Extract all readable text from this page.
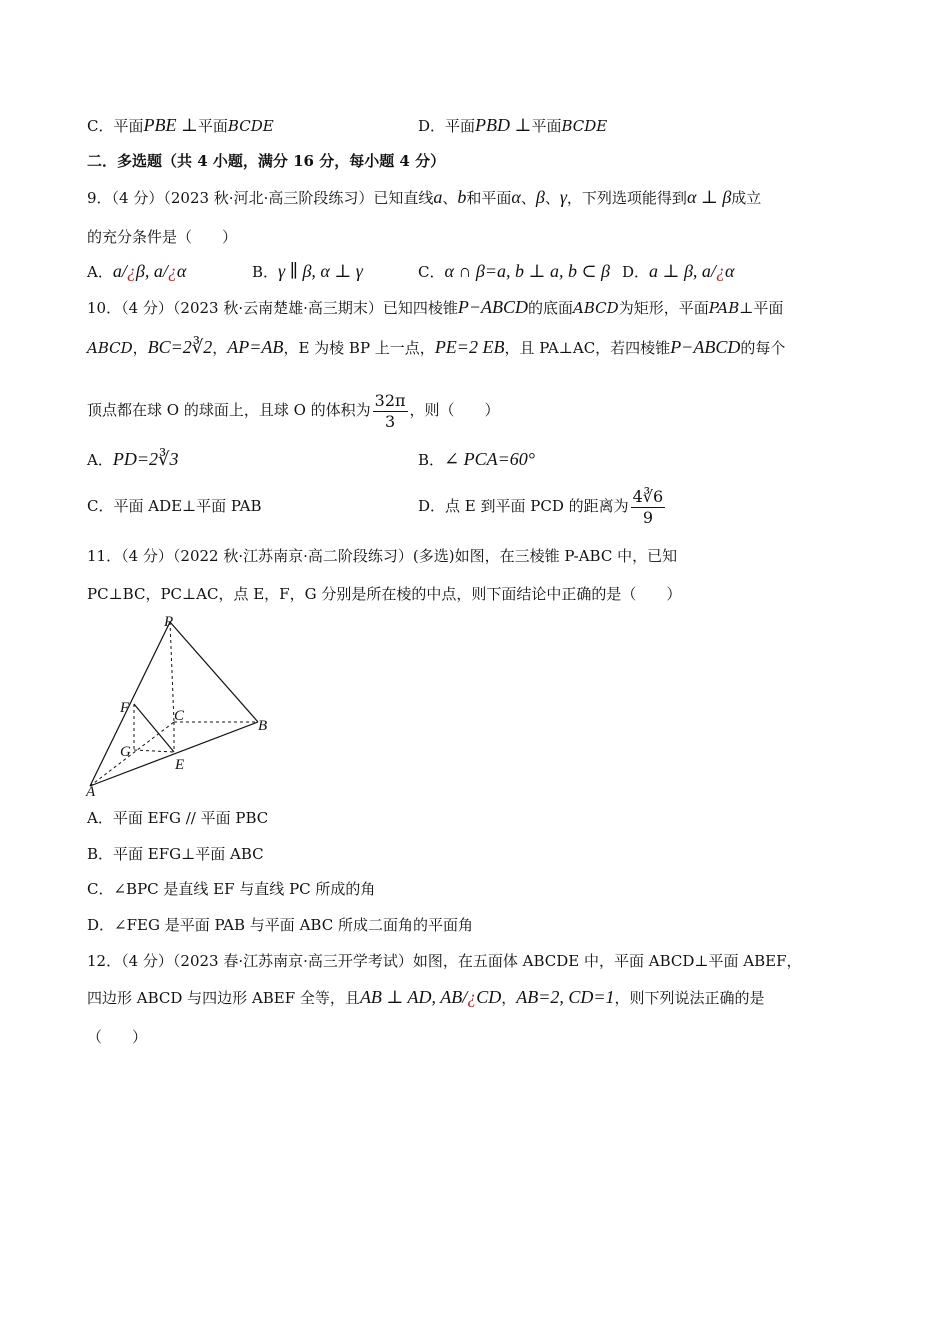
C．平面PBE ⊥平面BCDE	D．平面PBD ⊥平面BCDE
二．多选题（共 4 小题，满分 16 分，每小题 4 分）
9．（4 分）（2023 秋·河北·高三阶段练习）已知直线a、b和平面α、β、γ，下列选项能得到α ⊥ β成立
的充分条件是（　　）
A．a/¿β, a/¿α	B．γ ∥ β, α ⊥ γ	C．α ∩ β=a, b ⊥ a, b ⊂ β D．a ⊥ β, a/¿α
10．（4 分）（2023 秋·云南楚雄·高三期末）已知四棱锥P−ABCD的底面ABCD为矩形，平面PAB⊥平面
ABCD，BC=2∛2，AP=AB，E 为棱 BP 上一点，PE=2 EB，且 PA⊥AC，若四棱锥P−ABCD的每个
顶点都在球 O 的球面上，且球 O 的体积为 $\frac{32\pi}{3}$ ，则（　　）
A．PD=2∛3	B．∠ PCA=60°
C．平面 ADE⊥平面 PAB	D．点 E 到平面 PCD 的距离为 $\frac{4∛6}{9}$
11．（4 分）（2022 秋·江苏南京·高二阶段练习）(多选)如图，在三棱锥 P-ABC 中，已知
PC⊥BC，PC⊥AC，点 E，F，G 分别是所在棱的中点，则下面结论中正确的是（　　）
P
A
B
C
E
F
G
A．平面 EFG // 平面 PBC
B．平面 EFG⊥平面 ABC
C．∠BPC 是直线 EF 与直线 PC 所成的角
D．∠FEG 是平面 PAB 与平面 ABC 所成二面角的平面角
12．（4 分）（2023 春·江苏南京·高三开学考试）如图，在五面体 ABCDE 中，平面 ABCD⊥平面 ABEF，
四边形 ABCD 与四边形 ABEF 全等，且AB ⊥ AD, AB/¿CD，AB=2, CD=1，则下列说法正确的是
（　　）
